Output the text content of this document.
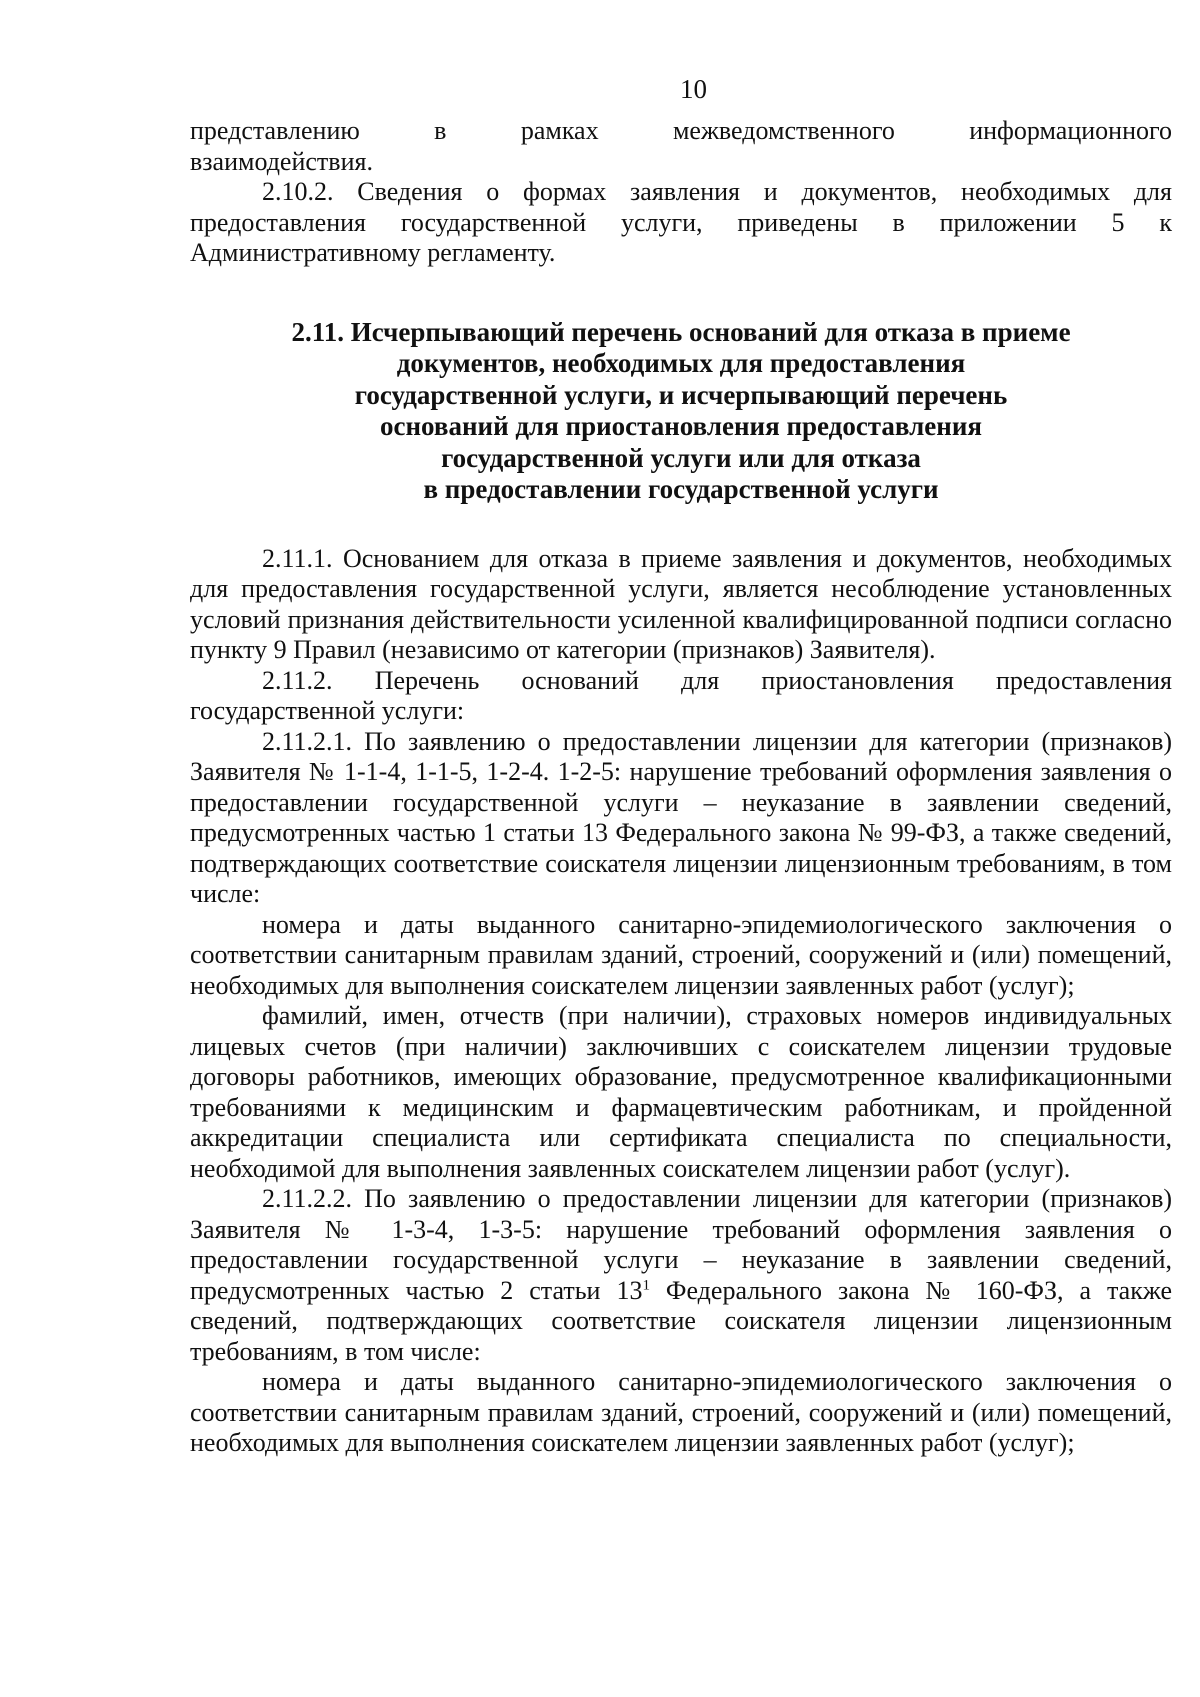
10

представлению в рамках межведомственного информационного

взаимодействия.

2.10.2. Сведения о формах заявления и документов, необходимых для предоставления государственной услуги, приведены в приложении 5 к Административному регламенту.

2.11. Исчерпывающий перечень оснований для отказа в приеме
документов, необходимых для предоставления
государственной услуги, и исчерпывающий перечень
оснований для приостановления предоставления
государственной услуги или для отказа
в предоставлении государственной услуги

2.11.1. Основанием для отказа в приеме заявления и документов, необходимых для предоставления государственной услуги, является несоблюдение установленных условий признания действительности усиленной квалифицированной подписи согласно пункту 9 Правил (независимо от категории (признаков) Заявителя).

2.11.2. Перечень оснований для приостановления предоставления государственной услуги:

2.11.2.1. По заявлению о предоставлении лицензии для категории (признаков) Заявителя № 1-1-4, 1-1-5, 1-2-4. 1-2-5: нарушение требований оформления заявления о предоставлении государственной услуги – неуказание в заявлении сведений, предусмотренных частью 1 статьи 13 Федерального закона № 99-ФЗ, а также сведений, подтверждающих соответствие соискателя лицензии лицензионным требованиям, в том числе:

номера и даты выданного санитарно-эпидемиологического заключения о соответствии санитарным правилам зданий, строений, сооружений и (или) помещений, необходимых для выполнения соискателем лицензии заявленных работ (услуг);

фамилий, имен, отчеств (при наличии), страховых номеров индивидуальных лицевых счетов (при наличии) заключивших с соискателем лицензии трудовые договоры работников, имеющих образование, предусмотренное квалификационными требованиями к медицинским и фармацевтическим работникам, и пройденной аккредитации специалиста или сертификата специалиста по специальности, необходимой для выполнения заявленных соискателем лицензии работ (услуг).

2.11.2.2. По заявлению о предоставлении лицензии для категории (признаков) Заявителя № 1-3-4, 1-3-5: нарушение требований оформления заявления о предоставлении государственной услуги – неуказание в заявлении сведений, предусмотренных частью 2 статьи $13^1$ Федерального закона № 160-ФЗ, а также сведений, подтверждающих соответствие соискателя лицензии лицензионным требованиям, в том числе:

номера и даты выданного санитарно-эпидемиологического заключения о соответствии санитарным правилам зданий, строений, сооружений и (или) помещений, необходимых для выполнения соискателем лицензии заявленных работ (услуг);
